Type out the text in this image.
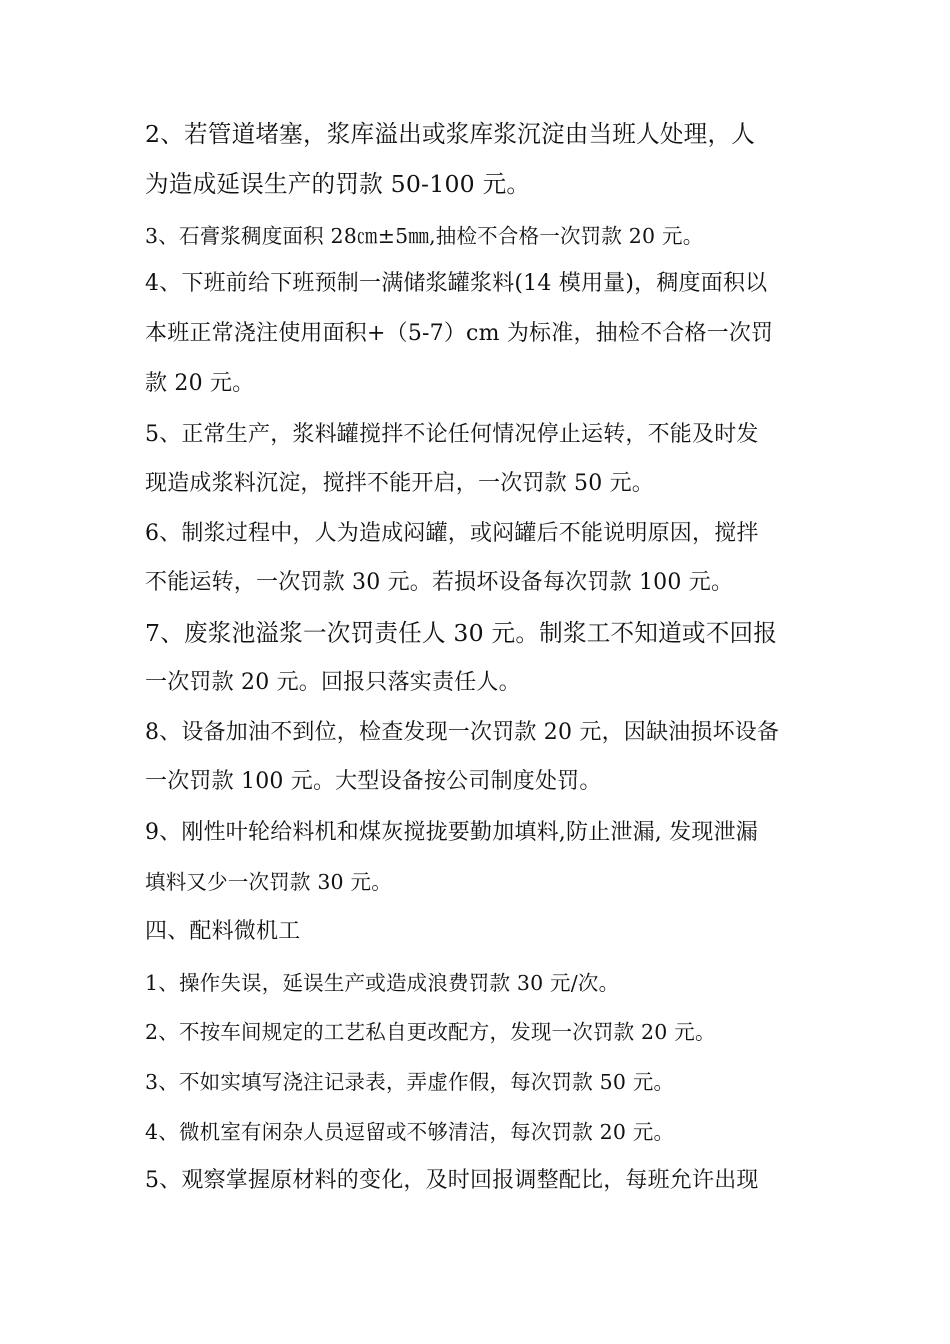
2、若管道堵塞，浆库溢出或浆库浆沉淀由当班人处理，人
为造成延误生产的罚款 50-100 元。
3、石膏浆稠度面积 28㎝±5㎜,抽检不合格一次罚款 20 元。
4、下班前给下班预制一满储浆罐浆料(14 模用量)，稠度面积以
本班正常浇注使用面积+（5-7）cm 为标准，抽检不合格一次罚
款 20 元。
5、正常生产，浆料罐搅拌不论任何情况停止运转，不能及时发
现造成浆料沉淀，搅拌不能开启，一次罚款 50 元。
6、制浆过程中，人为造成闷罐，或闷罐后不能说明原因，搅拌
不能运转，一次罚款 30 元。若损坏设备每次罚款 100 元。
7、废浆池溢浆一次罚责任人 30 元。制浆工不知道或不回报
一次罚款 20 元。回报只落实责任人。
8、设备加油不到位，检查发现一次罚款 20 元，因缺油损坏设备
一次罚款 100 元。大型设备按公司制度处罚。
9、刚性叶轮给料机和煤灰搅拢要勤加填料,防止泄漏, 发现泄漏
填料又少一次罚款 30 元。
四、配料微机工
1、操作失误，延误生产或造成浪费罚款 30 元/次。
2、不按车间规定的工艺私自更改配方，发现一次罚款 20 元。
3、不如实填写浇注记录表，弄虚作假，每次罚款 50 元。
4、微机室有闲杂人员逗留或不够清洁，每次罚款 20 元。
5、观察掌握原材料的变化，及时回报调整配比，每班允许出现
